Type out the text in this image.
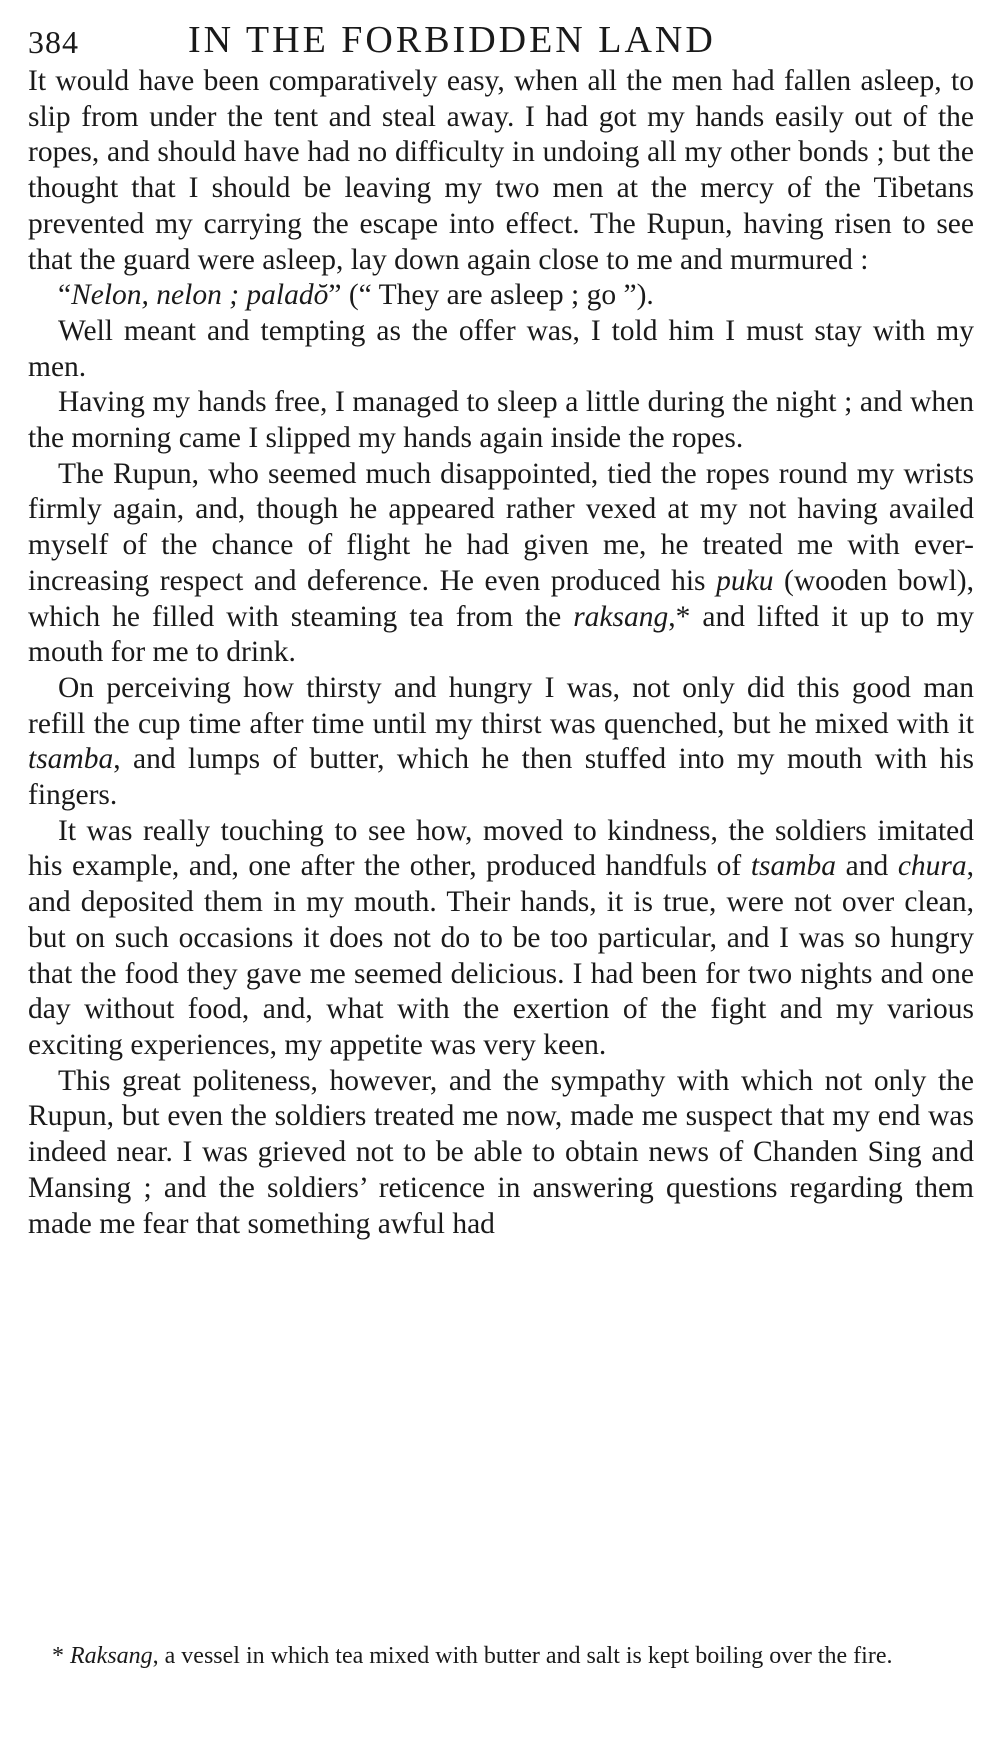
384	IN THE FORBIDDEN LAND

It would have been comparatively easy, when all the men had fallen asleep, to slip from under the tent and steal away. I had got my hands easily out of the ropes, and should have had no difficulty in undoing all my other bonds ; but the thought that I should be leaving my two men at the mercy of the Tibetans prevented my carrying the escape into effect. The Rupun, having risen to see that the guard were asleep, lay down again close to me and murmured :

“Nelon, nelon ; paladŏ” (“ They are asleep ; go ”).

Well meant and tempting as the offer was, I told him I must stay with my men.

Having my hands free, I managed to sleep a little during the night ; and when the morning came I slipped my hands again inside the ropes.

The Rupun, who seemed much disappointed, tied the ropes round my wrists firmly again, and, though he appeared rather vexed at my not having availed myself of the chance of flight he had given me, he treated me with ever-increasing respect and deference. He even produced his puku (wooden bowl), which he filled with steaming tea from the raksang,* and lifted it up to my mouth for me to drink.

On perceiving how thirsty and hungry I was, not only did this good man refill the cup time after time until my thirst was quenched, but he mixed with it tsamba, and lumps of butter, which he then stuffed into my mouth with his fingers.

It was really touching to see how, moved to kindness, the soldiers imitated his example, and, one after the other, produced handfuls of tsamba and chura, and deposited them in my mouth. Their hands, it is true, were not over clean, but on such occasions it does not do to be too particular, and I was so hungry that the food they gave me seemed delicious. I had been for two nights and one day without food, and, what with the exertion of the fight and my various exciting experiences, my appetite was very keen.

This great politeness, however, and the sympathy with which not only the Rupun, but even the soldiers treated me now, made me suspect that my end was indeed near. I was grieved not to be able to obtain news of Chanden Sing and Mansing ; and the soldiers’ reticence in answering questions regarding them made me fear that something awful had

* Raksang, a vessel in which tea mixed with butter and salt is kept boiling over the fire.
